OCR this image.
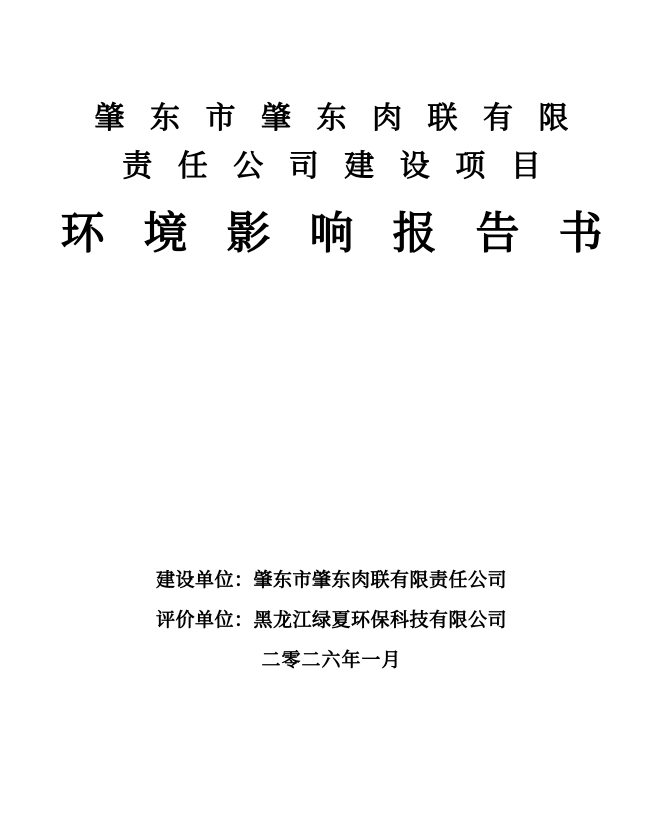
肇 东 市 肇 东 肉 联 有 限
责 任 公 司 建 设 项 目
环 境 影 响 报 告 书
建设单位：肇东市肇东肉联有限责任公司
评价单位：黑龙江绿夏环保科技有限公司
二零二六年一月
